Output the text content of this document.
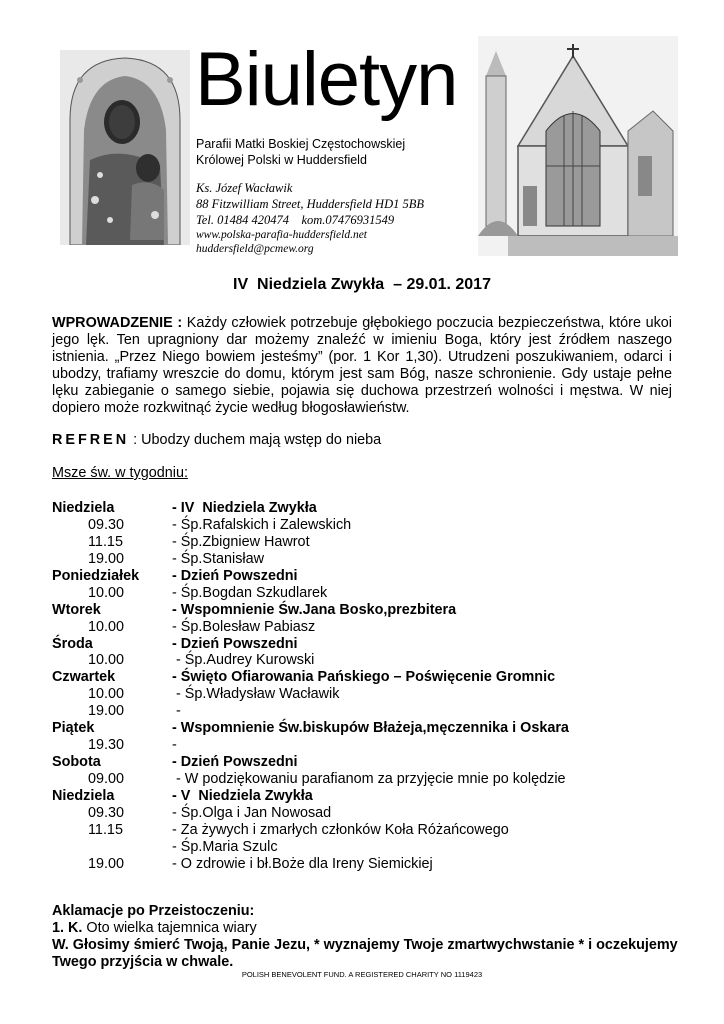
Biuletyn
Parafii Matki Boskiej Częstochowskiej
Królowej Polski w Huddersfield
Ks. Józef Wacławik
88 Fitzwilliam Street, Huddersfield HD1 5BB
Tel. 01484 420474    kom.07476931549
www.polska-parafia-huddersfield.net
huddersfield@pcmew.org
IV  Niedziela Zwykła  – 29.01. 2017
WPROWADZENIE : Każdy człowiek potrzebuje głębokiego poczucia bezpieczeństwa, które ukoi jego lęk. Ten upragniony dar możemy znaleźć w imieniu Boga, który jest źródłem naszego istnienia. „Przez Niego bowiem jesteśmy” (por. 1 Kor 1,30). Utrudzeni poszukiwaniem, odarci i ubodzy, trafiamy wreszcie do domu, którym jest sam Bóg, nasze schronienie. Gdy ustaje pełne lęku zabieganie o samego siebie, pojawia się duchowa przestrzeń wolności i męstwa. W niej dopiero może rozkwitnąć życie według błogosławieństw.
REFREN : Ubodzy duchem mają wstęp do nieba
Msze św. w tygodniu:
Niedziela	- IV  Niedziela Zwykła
09.30	- Śp.Rafalskich i Zalewskich
11.15	- Śp.Zbigniew Hawrot
19.00	- Śp.Stanisław
Poniedziałek - Dzień Powszedni
10.00	- Śp.Bogdan Szkudlarek
Wtorek	- Wspomnienie Św.Jana Bosko,prezbitera
10.00	- Śp.Bolesław Pabiasz
Środa	- Dzień Powszedni
10.00	- Śp.Audrey Kurowski
Czwartek	- Święto Ofiarowania Pańskiego – Poświęcenie Gromnic
10.00	- Śp.Władysław Wacławik
19.00	-
Piątek	- Wspomnienie Św.biskupów Błażeja,męczennika i Oskara
19.30	-
Sobota	- Dzień Powszedni
09.00	- W podziękowaniu parafianom za przyjęcie mnie po kolędzie
Niedziela	- V  Niedziela Zwykła
09.30	- Śp.Olga i Jan Nowosad
11.15	- Za żywych i zmarłych członków Koła Różańcowego
- Śp.Maria Szulc
19.00	- O zdrowie i bł.Boże dla Ireny Siemickiej
Aklamacje po Przeistoczeniu:
1. K. Oto wielka tajemnica wiary
W. Głosimy śmierć Twoją, Panie Jezu, * wyznajemy Twoje zmartwychwstanie * i oczekujemy Twego przyjścia w chwale.
POLISH BENEVOLENT FUND. A REGISTERED CHARITY NO 1119423
